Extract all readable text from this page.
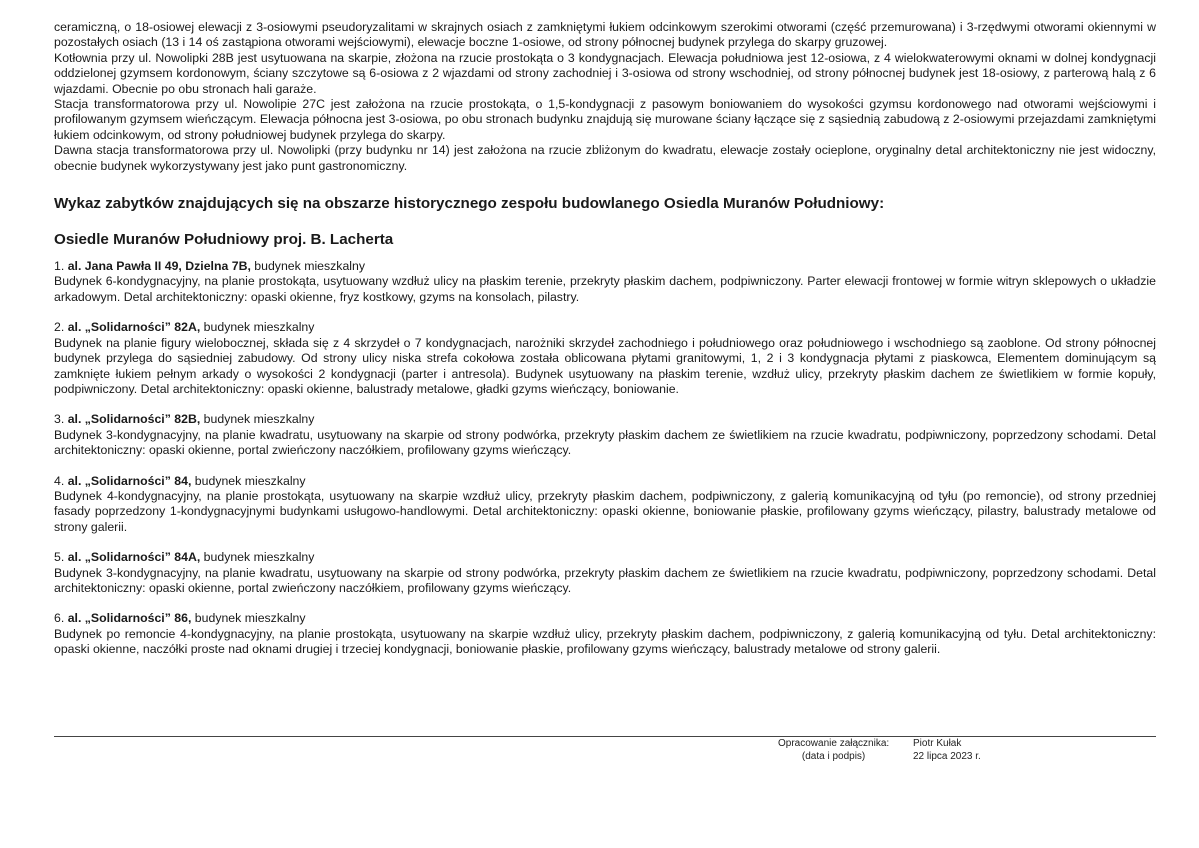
ceramiczną, o 18-osiowej elewacji z 3-osiowymi pseudoryzalitami w skrajnych osiach z zamkniętymi łukiem odcinkowym szerokimi otworami (część przemurowana) i 3-rzędwymi otworami okiennymi w pozostałych osiach (13 i 14 oś zastąpiona otworami wejściowymi), elewacje boczne 1-osiowe, od strony północnej budynek przylega do skarpy gruzowej.

Kotłownia przy ul. Nowolipki 28B jest usytuowana na skarpie, złożona na rzucie prostokąta o 3 kondygnacjach. Elewacja południowa jest 12-osiowa, z 4 wielokwaterowymi oknami w dolnej kondygnacji oddzielonej gzymsem kordonowym, ściany szczytowe są 6-osiowa z 2 wjazdami od strony zachodniej i 3-osiowa od strony wschodniej, od strony północnej budynek jest 18-osiowy, z parterową halą z 6 wjazdami. Obecnie po obu stronach hali garaże.

Stacja transformatorowa przy ul. Nowolipie 27C jest założona na rzucie prostokąta, o 1,5-kondygnacji z pasowym boniowaniem do wysokości gzymsu kordonowego nad otworami wejściowymi i profilowanym gzymsem wieńczącym. Elewacja północna jest 3-osiowa, po obu stronach budynku znajdują się murowane ściany łączące się z sąsiednią zabudową z 2-osiowymi przejazdami zamkniętymi łukiem odcinkowym, od strony południowej budynek przylega do skarpy.

Dawna stacja transformatorowa przy ul. Nowolipki (przy budynku nr 14) jest założona na rzucie zbliżonym do kwadratu, elewacje zostały ocieplone, oryginalny detal architektoniczny nie jest widoczny, obecnie budynek wykorzystywany jest jako punt gastronomiczny.

Wykaz zabytków znajdujących się na obszarze historycznego zespołu budowlanego Osiedla Muranów Południowy:
Osiedle Muranów Południowy proj. B. Lacherta

1. al. Jana Pawła II 49, Dzielna 7B, budynek mieszkalny

Budynek 6-kondygnacyjny, na planie prostokąta, usytuowany wzdłuż ulicy na płaskim terenie, przekryty płaskim dachem, podpiwniczony. Parter elewacji frontowej w formie witryn sklepowych o układzie arkadowym. Detal architektoniczny: opaski okienne, fryz kostkowy, gzyms na konsolach, pilastry.

2. al. „Solidarności” 82A, budynek mieszkalny

Budynek na planie figury wielobocznej, składa się z 4 skrzydeł o 7 kondygnacjach, narożniki skrzydeł zachodniego i południowego oraz południowego i wschodniego są zaoblone. Od strony północnej budynek przylega do sąsiedniej zabudowy. Od strony ulicy niska strefa cokołowa została oblicowana płytami granitowymi, 1, 2 i 3 kondygnacja płytami z piaskowca, Elementem dominującym są zamknięte łukiem pełnym arkady o wysokości 2 kondygnacji (parter i antresola). Budynek usytuowany na płaskim terenie, wzdłuż ulicy, przekryty płaskim dachem ze świetlikiem w formie kopuły, podpiwniczony. Detal architektoniczny: opaski okienne, balustrady metalowe, gładki gzyms wieńczący, boniowanie.

3. al. „Solidarności” 82B, budynek mieszkalny

Budynek 3-kondygnacyjny, na planie kwadratu, usytuowany na skarpie od strony podwórka, przekryty płaskim dachem ze świetlikiem na rzucie kwadratu, podpiwniczony, poprzedzony schodami. Detal architektoniczny: opaski okienne, portal zwieńczony naczółkiem, profilowany gzyms wieńczący.

4. al. „Solidarności” 84, budynek mieszkalny

Budynek 4-kondygnacyjny, na planie prostokąta, usytuowany na skarpie wzdłuż ulicy, przekryty płaskim dachem, podpiwniczony, z galerią komunikacyjną od tyłu (po remoncie), od strony przedniej fasady poprzedzony 1-kondygnacyjnymi budynkami usługowo-handlowymi. Detal architektoniczny: opaski okienne, boniowanie płaskie, profilowany gzyms wieńczący, pilastry, balustrady metalowe od strony galerii.

5. al. „Solidarności” 84A, budynek mieszkalny

Budynek 3-kondygnacyjny, na planie kwadratu, usytuowany na skarpie od strony podwórka, przekryty płaskim dachem ze świetlikiem na rzucie kwadratu, podpiwniczony, poprzedzony schodami. Detal architektoniczny: opaski okienne, portal zwieńczony naczółkiem, profilowany gzyms wieńczący.

6. al. „Solidarności” 86, budynek mieszkalny

Budynek po remoncie 4-kondygnacyjny, na planie prostokąta, usytuowany na skarpie wzdłuż ulicy, przekryty płaskim dachem, podpiwniczony, z galerią komunikacyjną od tyłu. Detal architektoniczny: opaski okienne, naczółki proste nad oknami drugiej i trzeciej kondygnacji, boniowanie płaskie, profilowany gzyms wieńczący, balustrady metalowe od strony galerii.

Opracowanie załącznika:
(data i podpis)
Piotr Kułak
22 lipca 2023 r.
